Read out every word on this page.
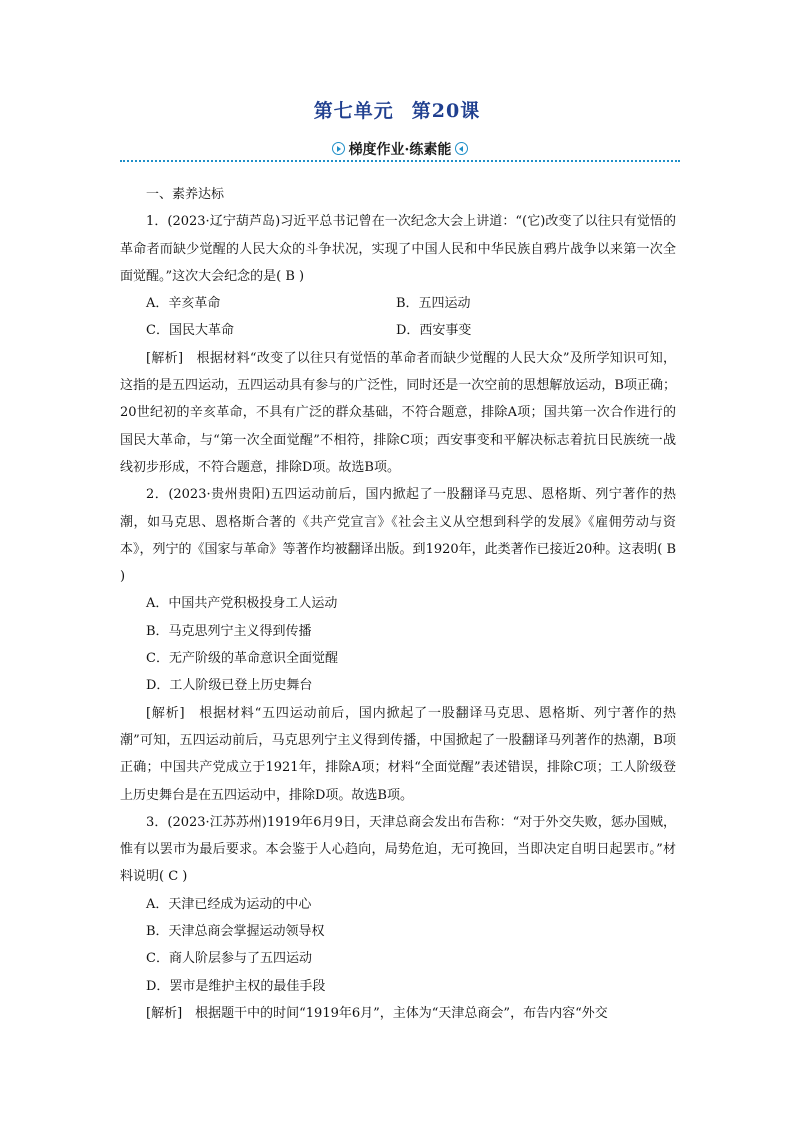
第七单元 第20课
梯度作业·练素能

一、素养达标

1．(2023·辽宁葫芦岛)习近平总书记曾在一次纪念大会上讲道：“(它)改变了以往只有觉悟的革命者而缺少觉醒的人民大众的斗争状况，实现了中国人民和中华民族自鸦片战争以来第一次全面觉醒。”这次大会纪念的是( B )

A．辛亥革命	B．五四运动
C．国民大革命	D．西安事变

[解析]　根据材料“改变了以往只有觉悟的革命者而缺少觉醒的人民大众”及所学知识可知，这指的是五四运动，五四运动具有参与的广泛性，同时还是一次空前的思想解放运动，B项正确；20世纪初的辛亥革命，不具有广泛的群众基础，不符合题意，排除A项；国共第一次合作进行的国民大革命，与“第一次全面觉醒”不相符，排除C项；西安事变和平解决标志着抗日民族统一战线初步形成，不符合题意，排除D项。故选B项。

2．(2023·贵州贵阳)五四运动前后，国内掀起了一股翻译马克思、恩格斯、列宁著作的热潮，如马克思、恩格斯合著的《共产党宣言》《社会主义从空想到科学的发展》《雇佣劳动与资本》，列宁的《国家与革命》等著作均被翻译出版。到1920年，此类著作已接近20种。这表明( B )

A．中国共产党积极投身工人运动

B．马克思列宁主义得到传播

C．无产阶级的革命意识全面觉醒

D．工人阶级已登上历史舞台

[解析]　根据材料“五四运动前后，国内掀起了一股翻译马克思、恩格斯、列宁著作的热潮”可知，五四运动前后，马克思列宁主义得到传播，中国掀起了一股翻译马列著作的热潮，B项正确；中国共产党成立于1921年，排除A项；材料“全面觉醒”表述错误，排除C项；工人阶级登上历史舞台是在五四运动中，排除D项。故选B项。

3．(2023·江苏苏州)1919年6月9日，天津总商会发出布告称：“对于外交失败，惩办国贼，惟有以罢市为最后要求。本会鉴于人心趋向，局势危迫，无可挽回，当即决定自明日起罢市。”材料说明( C )

A．天津已经成为运动的中心

B．天津总商会掌握运动领导权

C．商人阶层参与了五四运动

D．罢市是维护主权的最佳手段

[解析]　根据题干中的时间“1919年6月”，主体为“天津总商会”，布告内容“外交
